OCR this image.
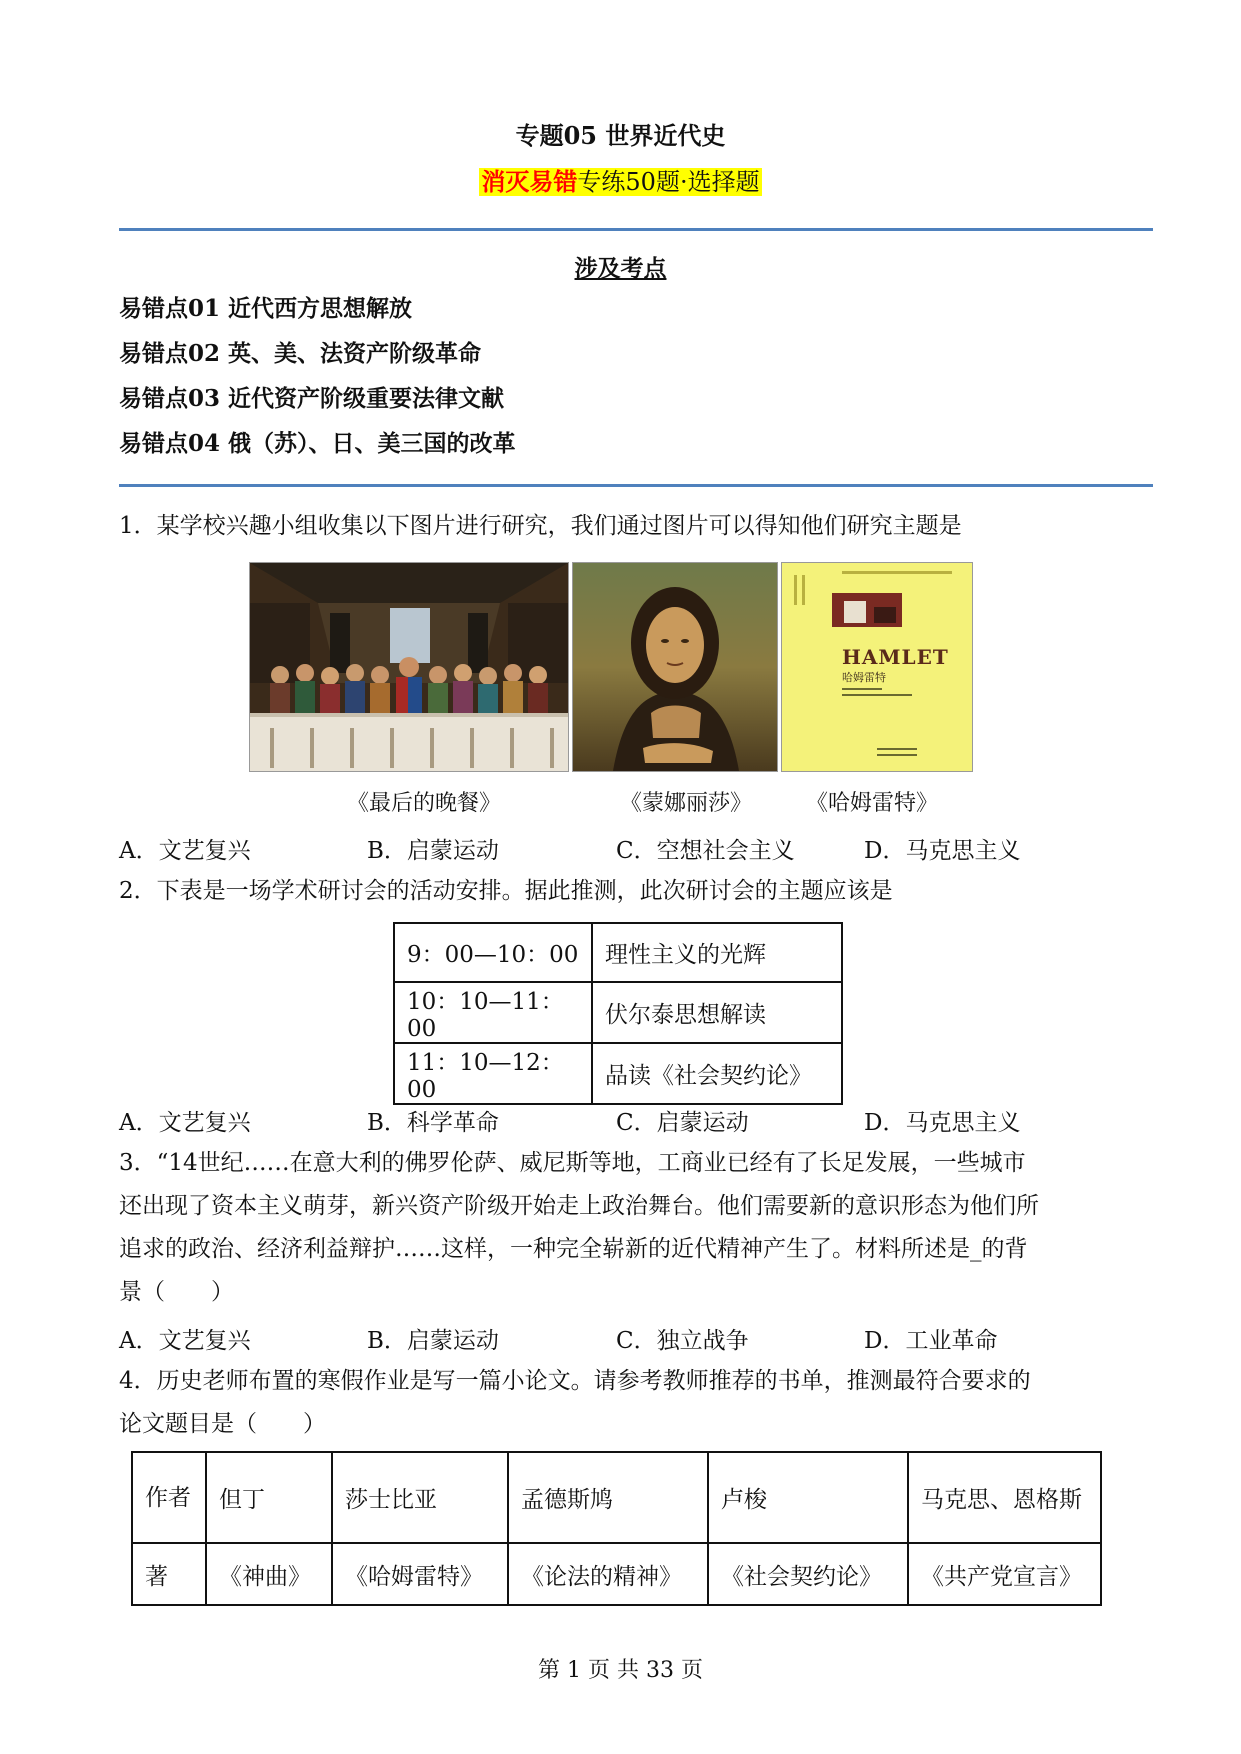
专题05 世界近代史
消灭易错专练50题·选择题
涉及考点
易错点01 近代西方思想解放
易错点02 英、美、法资产阶级革命
易错点03 近代资产阶级重要法律文献
易错点04 俄（苏）、日、美三国的改革
1．某学校兴趣小组收集以下图片进行研究，我们通过图片可以得知他们研究主题是
HAMLET
哈姆雷特
《最后的晚餐》	《蒙娜丽莎》 《哈姆雷特》
A．文艺复兴	B．启蒙运动	C．空想社会主义	D．马克思主义
2．下表是一场学术研讨会的活动安排。据此推测，此次研讨会的主题应该是
9：00—10：00	理性主义的光辉
10：10—11：00	伏尔泰思想解读
11：10—12：00	品读《社会契约论》
A．文艺复兴	B．科学革命	C．启蒙运动	D．马克思主义
3．“14世纪……在意大利的佛罗伦萨、威尼斯等地，工商业已经有了长足发展，一些城市
还出现了资本主义萌芽，新兴资产阶级开始走上政治舞台。他们需要新的意识形态为他们所
追求的政治、经济利益辩护……这样，一种完全崭新的近代精神产生了。材料所述是_的背
景（　　）
A．文艺复兴	B．启蒙运动	C．独立战争	D．工业革命
4．历史老师布置的寒假作业是写一篇小论文。请参考教师推荐的书单，推测最符合要求的
论文题目是（　　）
作者	但丁	莎士比亚	孟德斯鸠	卢梭	马克思、恩格斯
著	《神曲》	《哈姆雷特》	《论法的精神》	《社会契约论》	《共产党宣言》
第 1 页 共 33 页
